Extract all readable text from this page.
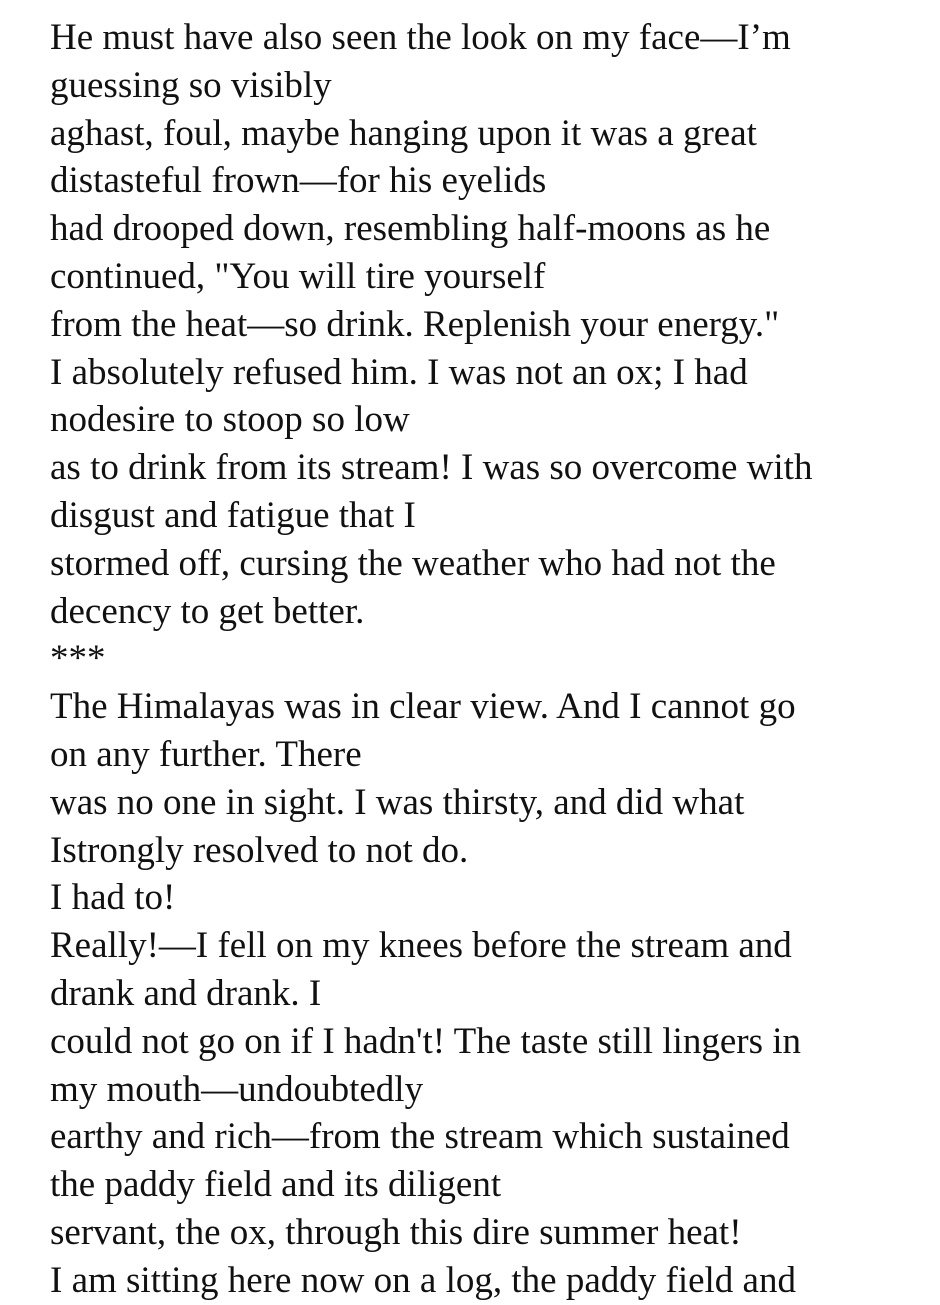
He must have also seen the look on my face—I’m
guessing so visibly
aghast, foul, maybe hanging upon it was a great
distasteful frown—for his eyelids
had drooped down, resembling half-moons as he
continued, "You will tire yourself
from the heat—so drink. Replenish your energy."
I absolutely refused him. I was not an ox; I had
nodesire to stoop so low
as to drink from its stream! I was so overcome with
disgust and fatigue that I
stormed off, cursing the weather who had not the
decency to get better.
***
The Himalayas was in clear view. And I cannot go
on any further. There
was no one in sight. I was thirsty, and did what
Istrongly resolved to not do.
I had to!
Really!—I fell on my knees before the stream and
drank and drank. I
could not go on if I hadn't! The taste still lingers in
my mouth—undoubtedly
earthy and rich—from the stream which sustained
the paddy field and its diligent
servant, the ox, through this dire summer heat!
I am sitting here now on a log, the paddy field and
